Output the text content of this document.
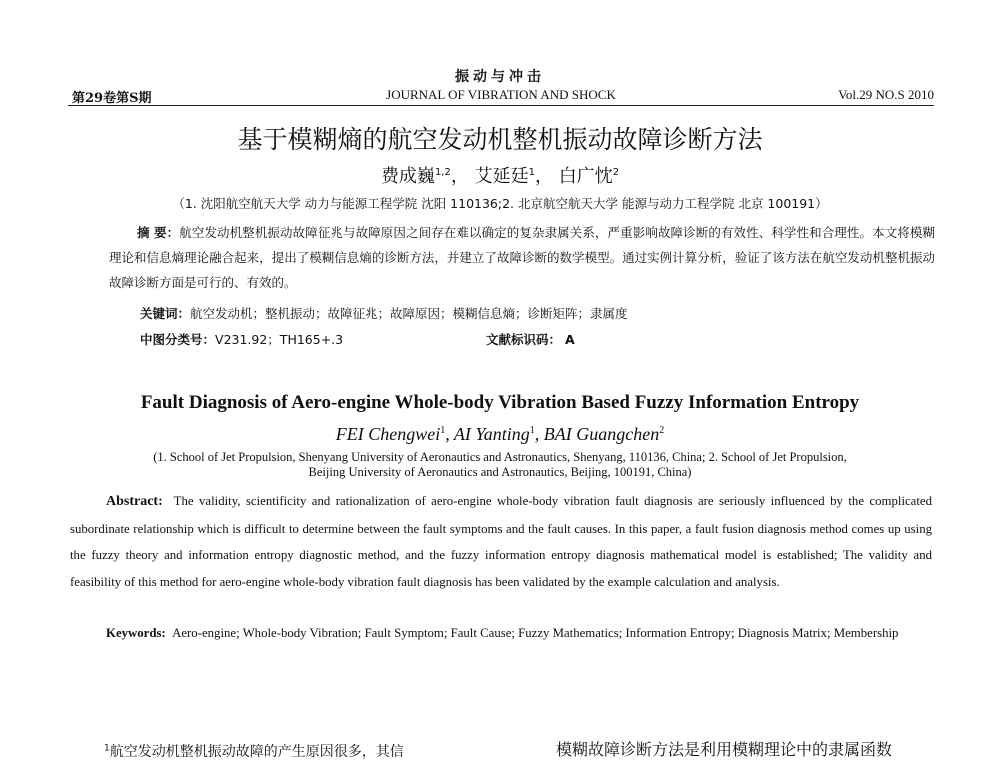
振动与冲击
第29卷第S期	JOURNAL OF VIBRATION AND SHOCK	Vol.29 NO.S 2010
基于模糊熵的航空发动机整机振动故障诊断方法
费成巍$^{1,2}$， 艾延廷$^1$， 白广忱$^2$
（1. 沈阳航空航天大学 动力与能源工程学院 沈阳 110136;2. 北京航空航天大学 能源与动力工程学院 北京 100191）
摘 要：航空发动机整机振动故障征兆与故障原因之间存在难以确定的复杂隶属关系，严重影响故障诊断的有效性、科学性和合理性。本文将模糊理论和信息熵理论融合起来，提出了模糊信息熵的诊断方法，并建立了故障诊断的数学模型。通过实例计算分析，验证了该方法在航空发动机整机振动故障诊断方面是可行的、有效的。
关键词：航空发动机；整机振动；故障征兆；故障原因；模糊信息熵；诊断矩阵；隶属度
中图分类号：V231.92；TH165+.3	文献标识码： A
Fault Diagnosis of Aero-engine Whole-body Vibration Based Fuzzy Information Entropy
FEI Chengwei$^1$, AI Yanting$^1$, BAI Guangchen$^2$
(1. School of Jet Propulsion, Shenyang University of Aeronautics and Astronautics, Shenyang, 110136, China; 2. School of Jet Propulsion,
Beijing University of Aeronautics and Astronautics, Beijing, 100191, China)
Abstract: The validity, scientificity and rationalization of aero-engine whole-body vibration fault diagnosis are seriously influenced by the complicated subordinate relationship which is difficult to determine between the fault symptoms and the fault causes. In this paper, a fault fusion diagnosis method comes up using the fuzzy theory and information entropy diagnostic method, and the fuzzy information entropy diagnosis mathematical model is established; The validity and feasibility of this method for aero-engine whole-body vibration fault diagnosis has been validated by the example calculation and analysis.
Keywords: Aero-engine; Whole-body Vibration; Fault Symptom; Fault Cause; Fuzzy Mathematics; Information Entropy; Diagnosis Matrix; Membership
$^1$航空发动机整机振动故障的产生原因很多，其信	模糊故障诊断方法是利用模糊理论中的隶属函数
